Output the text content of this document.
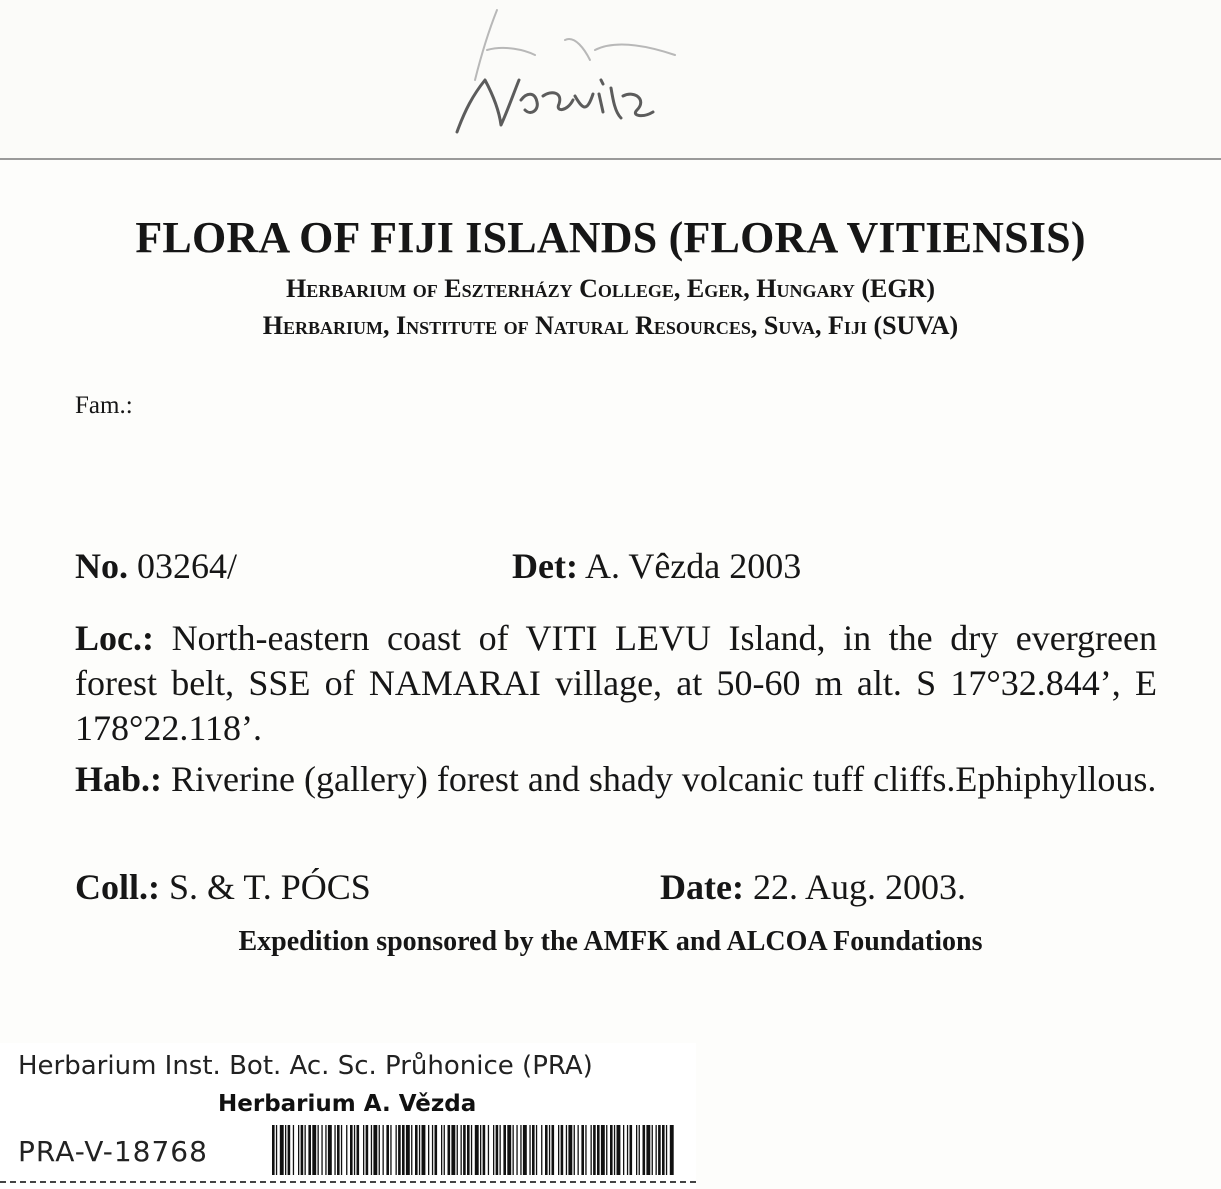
FLORA OF FIJI ISLANDS (FLORA VITIENSIS)
Herbarium of Eszterházy College, Eger, Hungary (EGR)
Herbarium, Institute of Natural Resources, Suva, Fiji (SUVA)
Fam.:
No. 03264/	Det: A. Vêzda 2003
Loc.: North-eastern coast of VITI LEVU Island, in the dry evergreen forest belt, SSE of NAMARAI village, at 50-60 m alt. S 17°32.844’, E 178°22.118’.
Hab.: Riverine (gallery) forest and shady volcanic tuff cliffs.Ephiphyllous.
Coll.: S. & T. PÓCS	Date: 22. Aug. 2003.
Expedition sponsored by the AMFK and ALCOA Foundations
Herbarium Inst. Bot. Ac. Sc. Průhonice (PRA)
Herbarium A. Vězda
PRA-V-18768
